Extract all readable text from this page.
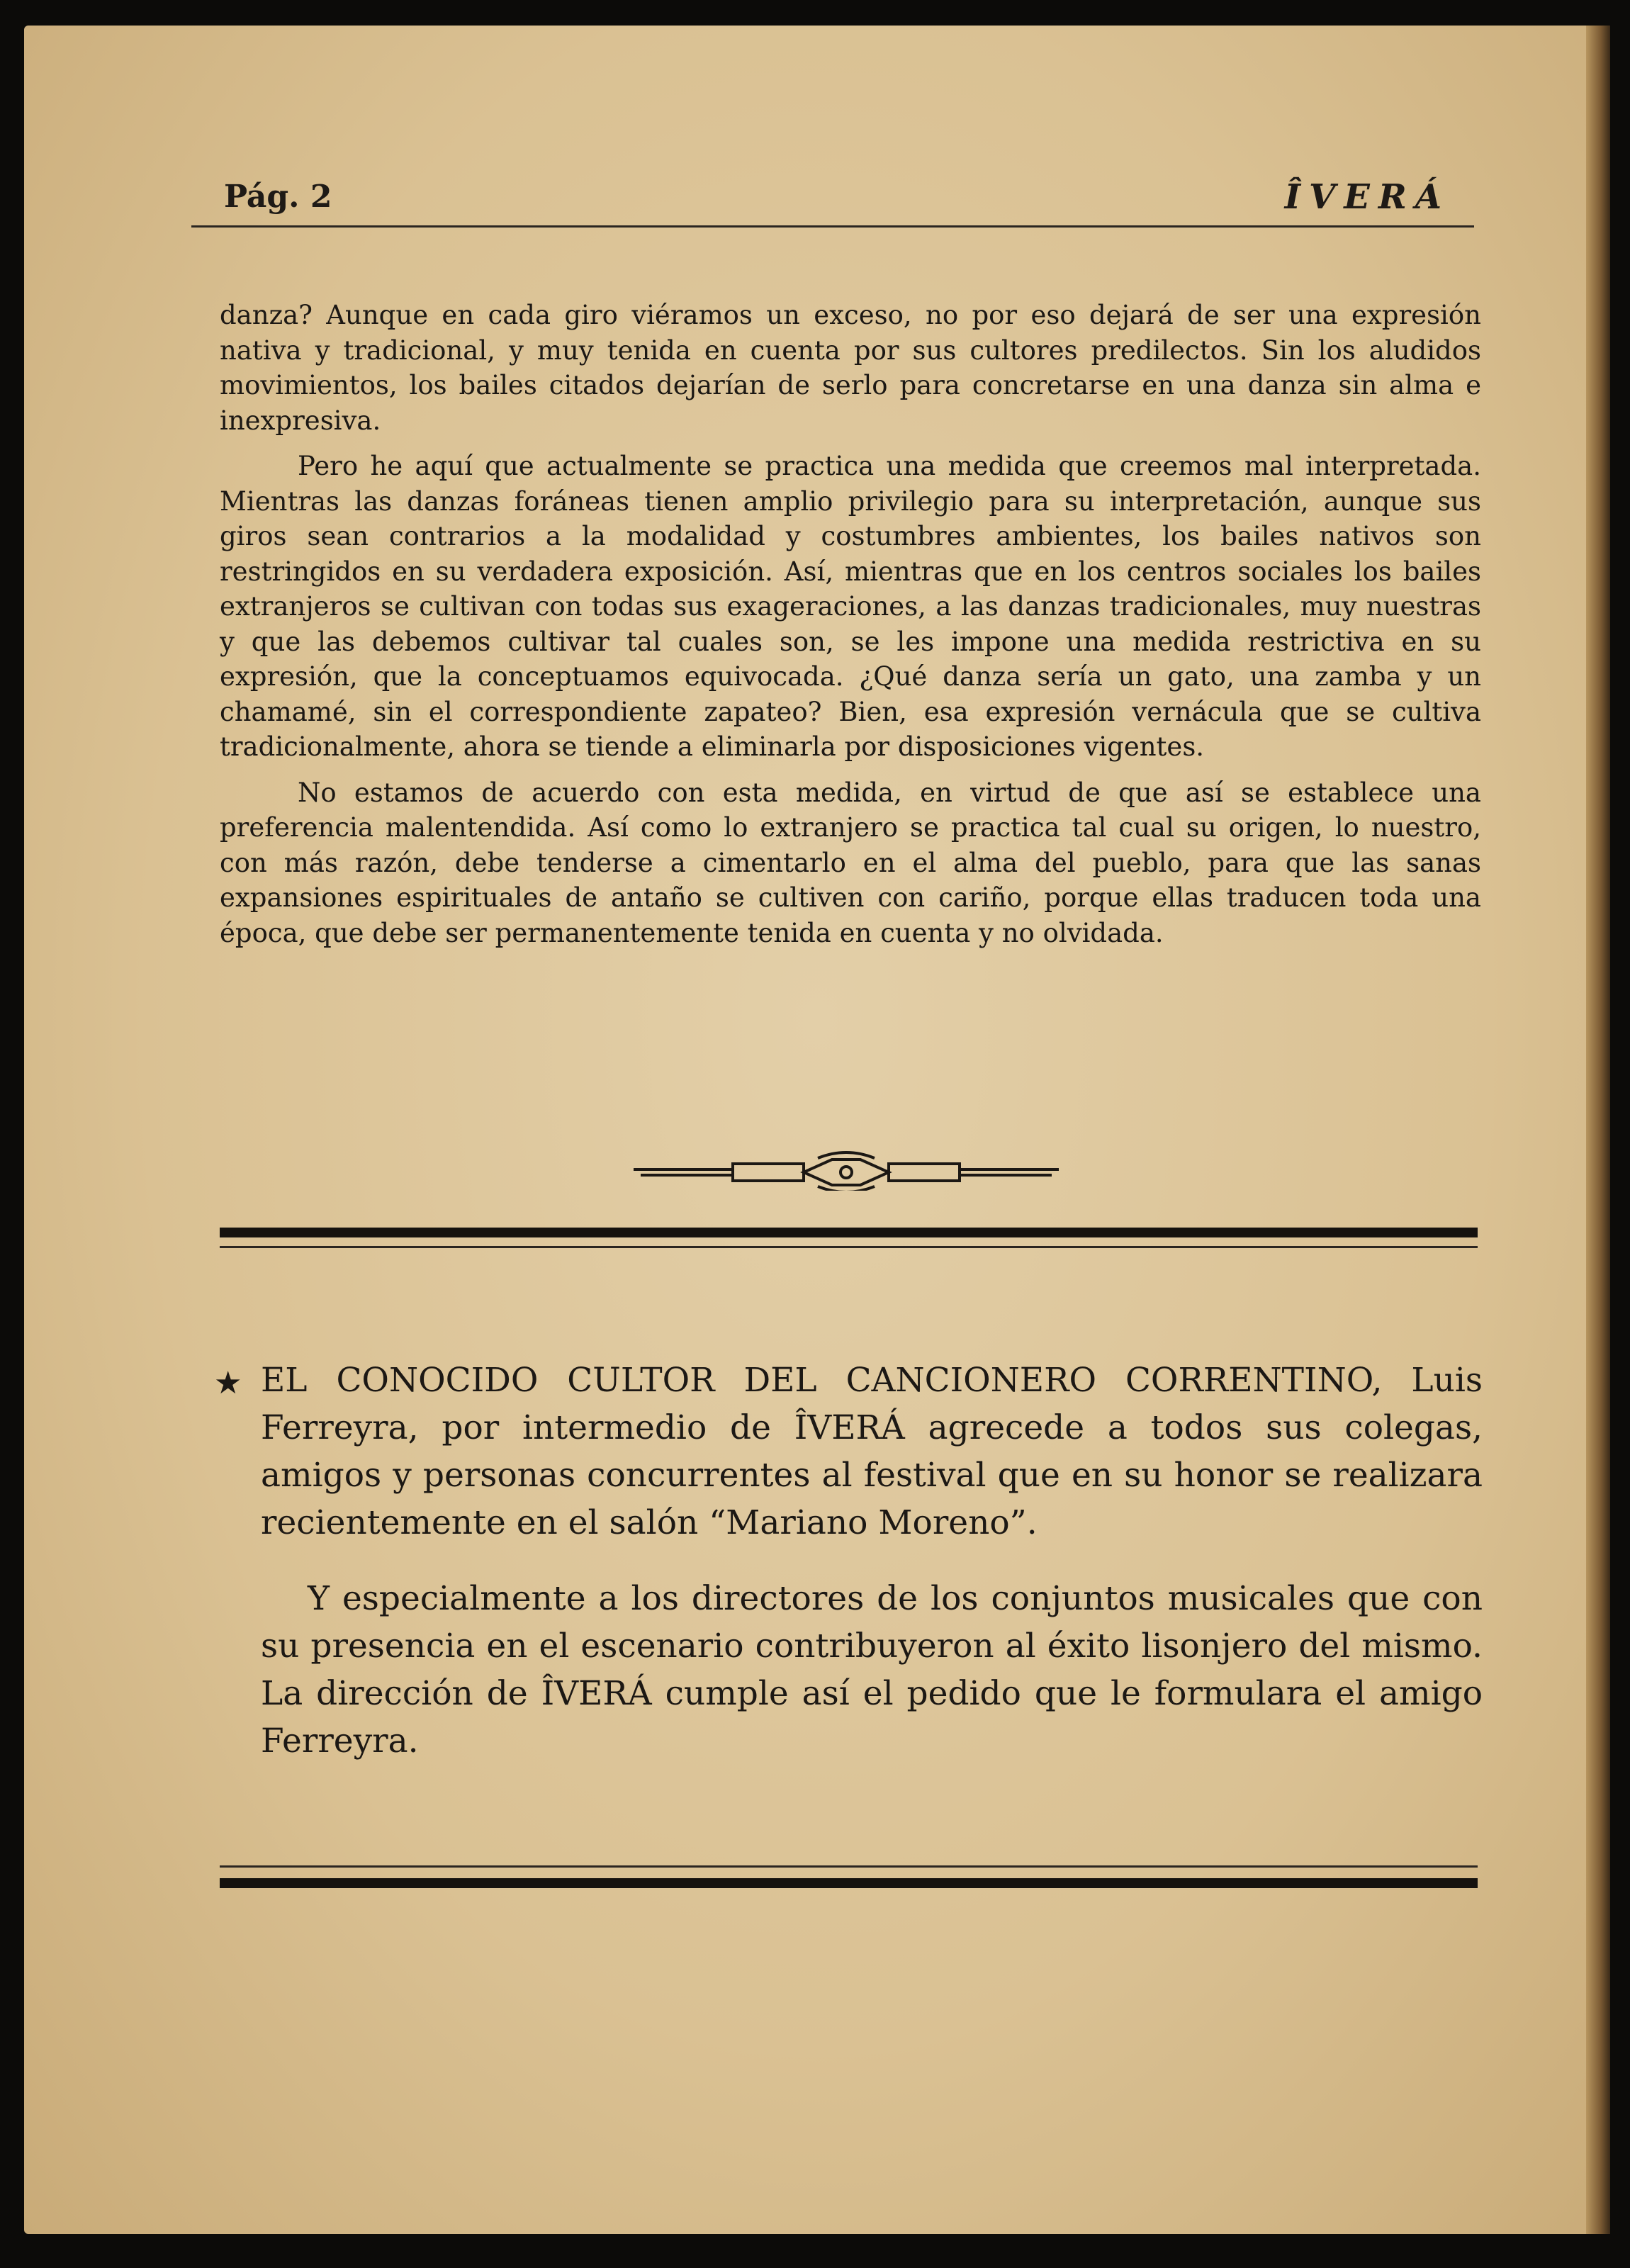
Pág. 2	ÎVERÁ

danza? Aunque en cada giro viéramos un exceso, no por eso dejará de ser una expresión nativa y tradicional, y muy tenida en cuenta por sus cultores predilectos. Sin los aludidos movimientos, los bailes citados dejarían de serlo para concretarse en una danza sin alma e inexpresiva.

Pero he aquí que actualmente se practica una medida que creemos mal interpretada. Mientras las danzas foráneas tienen amplio privilegio para su interpretación, aunque sus giros sean contrarios a la modalidad y costumbres ambientes, los bailes nativos son restringidos en su verdadera exposición. Así, mientras que en los centros sociales los bailes extranjeros se cultivan con todas sus exageraciones, a las danzas tradicionales, muy nuestras y que las debemos cultivar tal cuales son, se les impone una medida restrictiva en su expresión, que la conceptuamos equivocada. ¿Qué danza sería un gato, una zamba y un chamamé, sin el correspondiente zapateo? Bien, esa expresión vernácula que se cultiva tradicionalmente, ahora se tiende a eliminarla por disposiciones vigentes.

No estamos de acuerdo con esta medida, en virtud de que así se establece una preferencia malentendida. Así como lo extranjero se practica tal cual su origen, lo nuestro, con más razón, debe tenderse a cimentarlo en el alma del pueblo, para que las sanas expansiones espirituales de antaño se cultiven con cariño, porque ellas traducen toda una época, que debe ser permanentemente tenida en cuenta y no olvidada.

★ EL CONOCIDO CULTOR DEL CANCIONERO CORRENTINO, Luis Ferreyra, por intermedio de ÎVERÁ agrecede a todos sus colegas, amigos y personas concurrentes al festival que en su honor se realizara recientemente en el salón “Mariano Moreno”.

Y especialmente a los directores de los conjuntos musicales que con su presencia en el escenario contribuyeron al éxito lisonjero del mismo. La dirección de ÎVERÁ cumple así el pedido que le formulara el amigo Ferreyra.
